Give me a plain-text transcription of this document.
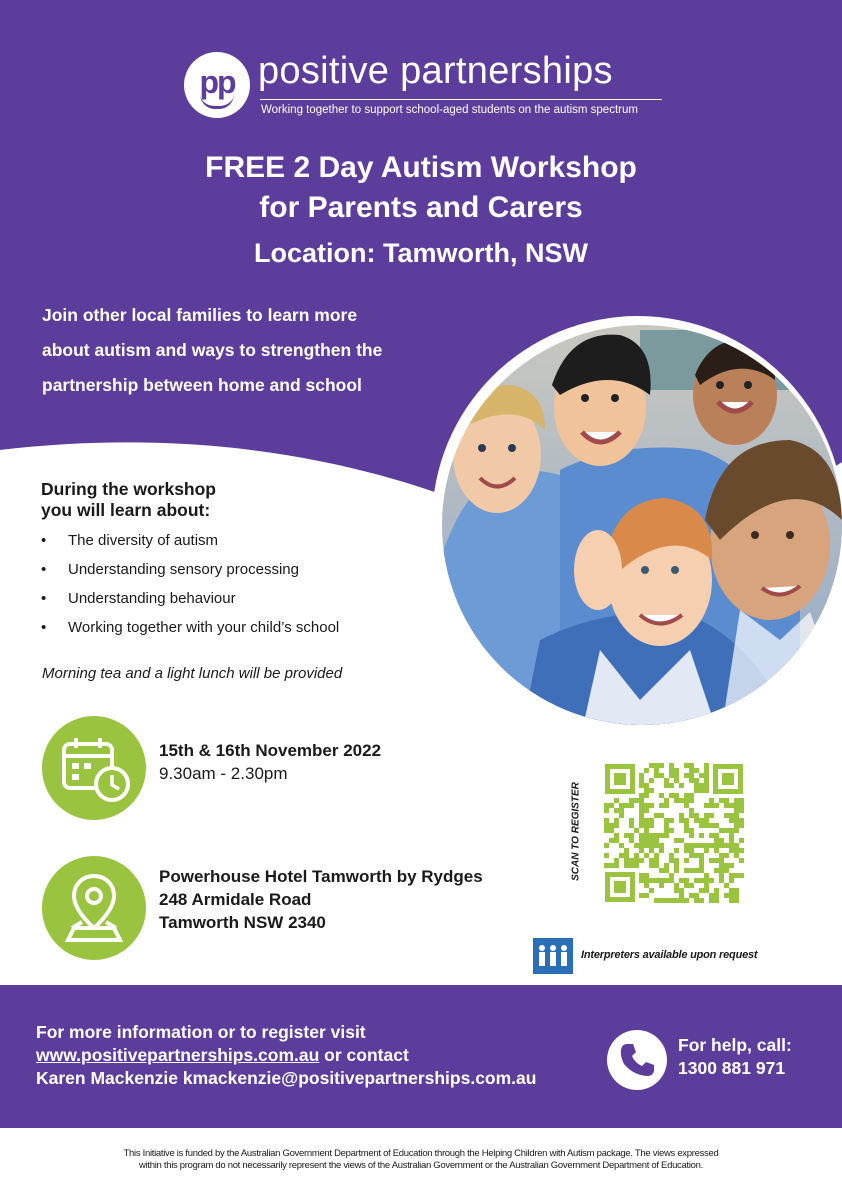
pp positive partnerships
Working together to support school-aged students on the autism spectrum
FREE 2 Day Autism Workshop
for Parents and Carers
Location: Tamworth, NSW
Join other local families to learn more
about autism and ways to strengthen the
partnership between home and school
During the workshop
you will learn about:
• The diversity of autism
• Understanding sensory processing
• Understanding behaviour
• Working together with your child’s school
Morning tea and a light lunch will be provided
15th & 16th November 2022
9.30am - 2.30pm
Powerhouse Hotel Tamworth by Rydges
248 Armidale Road
Tamworth NSW 2340
SCAN TO REGISTER
Interpreters available upon request
For more information or to register visit
www.positivepartnerships.com.au or contact
Karen Mackenzie kmackenzie@positivepartnerships.com.au
For help, call:
1300 881 971
This Initiative is funded by the Australian Government Department of Education through the Helping Children with Autism package. The views expressed
within this program do not necessarily represent the views of the Australian Government or the Australian Government Department of Education.
